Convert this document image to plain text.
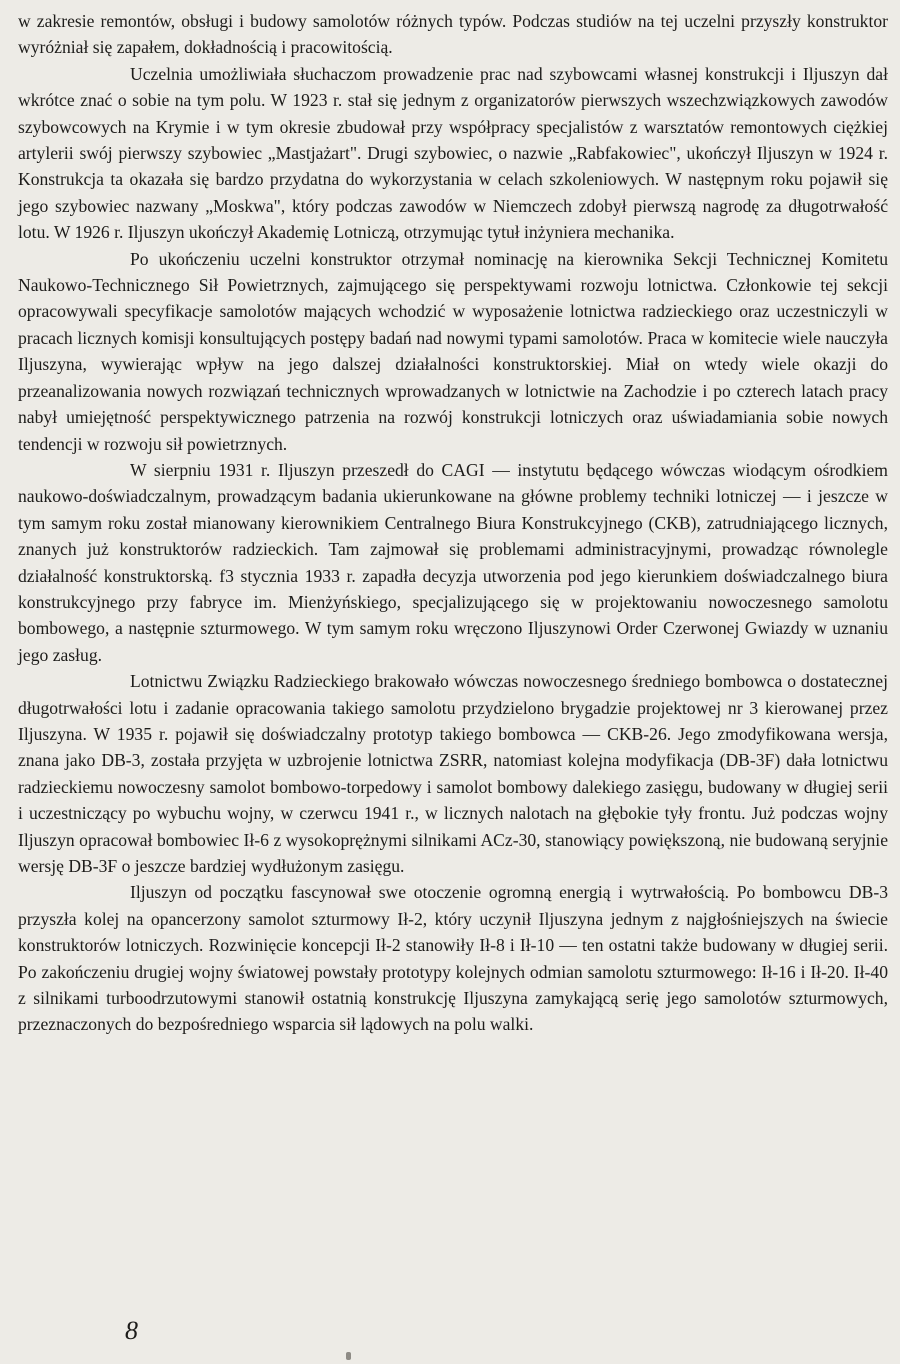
w zakresie remontów, obsługi i budowy samolotów różnych typów. Podczas studiów na tej uczelni przyszły konstruktor wyróżniał się zapałem, dokładnością i pracowitością.

Uczelnia umożliwiała słuchaczom prowadzenie prac nad szybowcami własnej konstrukcji i Iljuszyn dał wkrótce znać o sobie na tym polu. W 1923 r. stał się jednym z organizatorów pierwszych wszechzwiązkowych zawodów szybowcowych na Krymie i w tym okresie zbudował przy współpracy specjalistów z warsztatów remontowych ciężkiej artylerii swój pierwszy szybowiec „Mastjażart". Drugi szybowiec, o nazwie „Rabfakowiec", ukończył Iljuszyn w 1924 r. Konstrukcja ta okazała się bardzo przydatna do wykorzystania w celach szkoleniowych. W następnym roku pojawił się jego szybowiec nazwany „Moskwa", który podczas zawodów w Niemczech zdobył pierwszą nagrodę za długotrwałość lotu. W 1926 r. Iljuszyn ukończył Akademię Lotniczą, otrzymując tytuł inżyniera mechanika.

Po ukończeniu uczelni konstruktor otrzymał nominację na kierownika Sekcji Technicznej Komitetu Naukowo-Technicznego Sił Powietrznych, zajmującego się perspektywami rozwoju lotnictwa. Członkowie tej sekcji opracowywali specyfikacje samolotów mających wchodzić w wyposażenie lotnictwa radzieckiego oraz uczestniczyli w pracach licznych komisji konsultujących postępy badań nad nowymi typami samolotów. Praca w komitecie wiele nauczyła Iljuszyna, wywierając wpływ na jego dalszej działalności konstruktorskiej. Miał on wtedy wiele okazji do przeanalizowania nowych rozwiązań technicznych wprowadzanych w lotnictwie na Zachodzie i po czterech latach pracy nabył umiejętność perspektywicznego patrzenia na rozwój konstrukcji lotniczych oraz uświadamiania sobie nowych tendencji w rozwoju sił powietrznych.

W sierpniu 1931 r. Iljuszyn przeszedł do CAGI — instytutu będącego wówczas wiodącym ośrodkiem naukowo-doświadczalnym, prowadzącym badania ukierunkowane na główne problemy techniki lotniczej — i jeszcze w tym samym roku został mianowany kierownikiem Centralnego Biura Konstrukcyjnego (CKB), zatrudniającego licznych, znanych już konstruktorów radzieckich. Tam zajmował się problemami administracyjnymi, prowadząc równolegle działalność konstruktorską. f3 stycznia 1933 r. zapadła decyzja utworzenia pod jego kierunkiem doświadczalnego biura konstrukcyjnego przy fabryce im. Mienżyńskiego, specjalizującego się w projektowaniu nowoczesnego samolotu bombowego, a następnie szturmowego. W tym samym roku wręczono Iljuszynowi Order Czerwonej Gwiazdy w uznaniu jego zasług.

Lotnictwu Związku Radzieckiego brakowało wówczas nowoczesnego średniego bombowca o dostatecznej długotrwałości lotu i zadanie opracowania takiego samolotu przydzielono brygadzie projektowej nr 3 kierowanej przez Iljuszyna. W 1935 r. pojawił się doświadczalny prototyp takiego bombowca — CKB-26. Jego zmodyfikowana wersja, znana jako DB-3, została przyjęta w uzbrojenie lotnictwa ZSRR, natomiast kolejna modyfikacja (DB-3F) dała lotnictwu radzieckiemu nowoczesny samolot bombowo-torpedowy i samolot bombowy dalekiego zasięgu, budowany w długiej serii i uczestniczący po wybuchu wojny, w czerwcu 1941 r., w licznych nalotach na głębokie tyły frontu. Już podczas wojny Iljuszyn opracował bombowiec Ił-6 z wysokoprężnymi silnikami ACz-30, stanowiący powiększoną, nie budowaną seryjnie wersję DB-3F o jeszcze bardziej wydłużonym zasięgu.

Iljuszyn od początku fascynował swe otoczenie ogromną energią i wytrwałością. Po bombowcu DB-3 przyszła kolej na opancerzony samolot szturmowy Ił-2, który uczynił Iljuszyna jednym z najgłośniejszych na świecie konstruktorów lotniczych. Rozwinięcie koncepcji Ił-2 stanowiły Ił-8 i Ił-10 — ten ostatni także budowany w długiej serii. Po zakończeniu drugiej wojny światowej powstały prototypy kolejnych odmian samolotu szturmowego: Ił-16 i Ił-20. Ił-40 z silnikami turboodrzutowymi stanowił ostatnią konstrukcję Iljuszyna zamykającą serię jego samolotów szturmowych, przeznaczonych do bezpośredniego wsparcia sił lądowych na polu walki.

8
